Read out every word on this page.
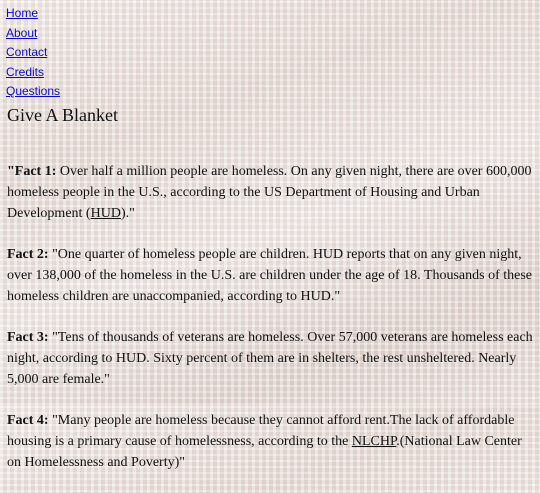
Home
About
Contact
Credits
Questions
Give A Blanket

"Fact 1: Over half a million people are homeless. On any given night, there are over 600,000 homeless people in the U.S., according to the US Department of Housing and Urban Development (HUD)."

Fact 2: "One quarter of homeless people are children. HUD reports that on any given night, over 138,000 of the homeless in the U.S. are children under the age of 18. Thousands of these homeless children are unaccompanied, according to HUD."

Fact 3: "Tens of thousands of veterans are homeless. Over 57,000 veterans are homeless each night, according to HUD. Sixty percent of them are in shelters, the rest unsheltered. Nearly 5,000 are female."

Fact 4: "Many people are homeless because they cannot afford rent.The lack of affordable housing is a primary cause of homelessness, according to the NLCHP.(National Law Center on Homelessness and Poverty)"
